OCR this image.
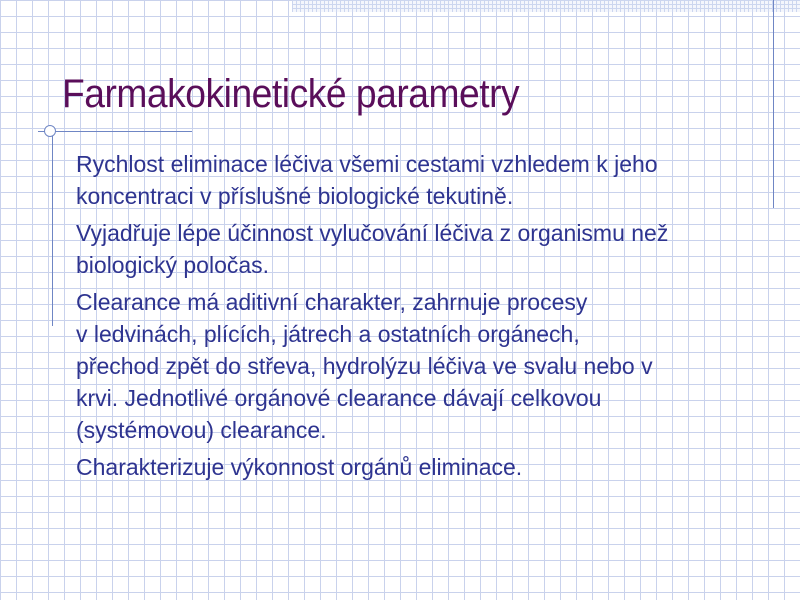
Farmakokinetické parametry

Rychlost eliminace léčiva všemi cestami vzhledem k jeho
koncentraci v příslušné biologické tekutině.

Vyjadřuje lépe účinnost vylučování léčiva z organismu než
biologický poločas.

Clearance má aditivní charakter, zahrnuje procesy
v ledvinách, plících, játrech a ostatních orgánech,
přechod zpět do střeva, hydrolýzu léčiva ve svalu nebo v
krvi. Jednotlivé orgánové clearance dávají celkovou
(systémovou) clearance.

Charakterizuje výkonnost orgánů eliminace.
